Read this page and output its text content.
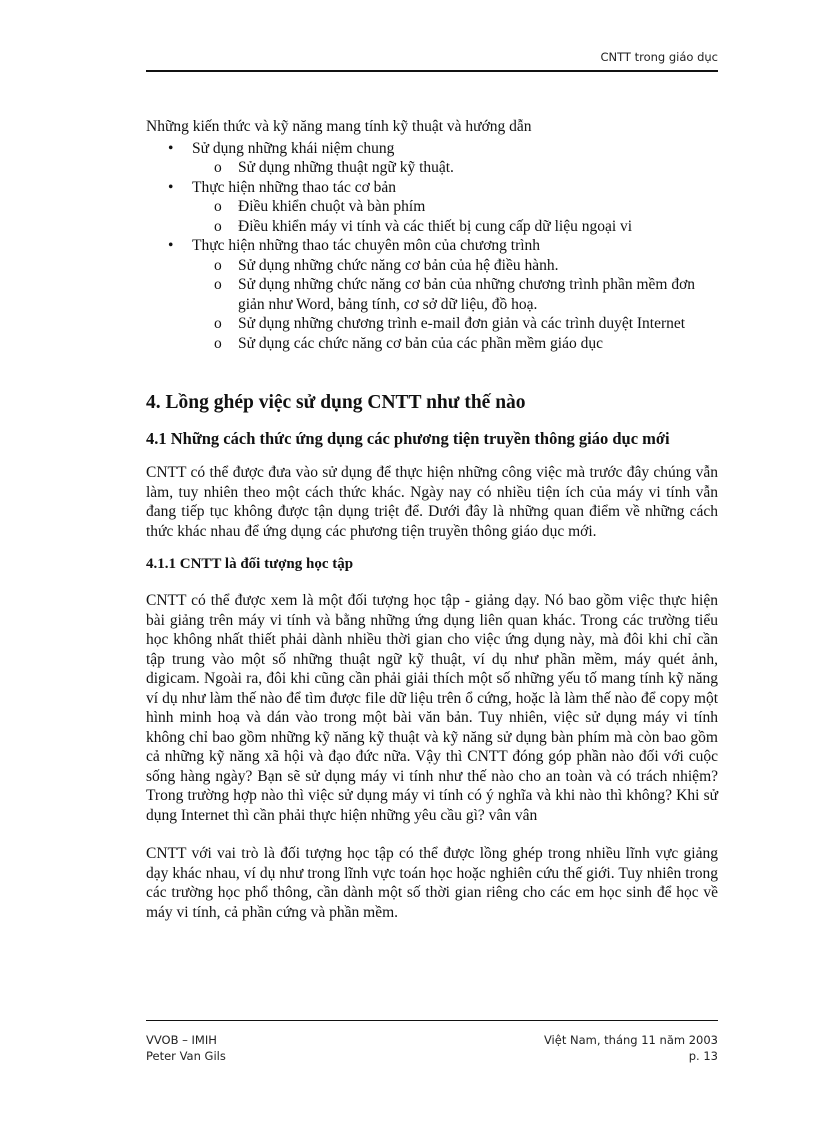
CNTT trong giáo dục
Những kiến thức và kỹ năng mang tính kỹ thuật và hướng dẫn
• Sử dụng những khái niệm chung
o Sử dụng những thuật ngữ kỹ thuật.
• Thực hiện những thao tác cơ bản
o Điều khiển chuột và bàn phím
o Điều khiển máy vi tính và các thiết bị cung cấp dữ liệu ngoại vi
• Thực hiện những thao tác chuyên môn của chương trình
o Sử dụng những chức năng cơ bản của hệ điều hành.
o Sử dụng những chức năng cơ bản của những chương trình phần mềm đơn giản như Word, bảng tính, cơ sở dữ liệu, đồ hoạ.
o Sử dụng những chương trình e-mail đơn giản và các trình duyệt Internet
o Sử dụng các chức năng cơ bản của các phần mềm giáo dục
4. Lồng ghép việc sử dụng CNTT như thế nào
4.1 Những cách thức ứng dụng các phương tiện truyền thông giáo dục mới

CNTT có thể được đưa vào sử dụng để thực hiện những công việc mà trước đây chúng vẫn làm, tuy nhiên theo một cách thức khác. Ngày nay có nhiều tiện ích của máy vi tính vẫn đang tiếp tục không được tận dụng triệt để. Dưới đây là những quan điểm về những cách thức khác nhau để ứng dụng các phương tiện truyền thông giáo dục mới.

4.1.1 CNTT là đối tượng học tập

CNTT có thể được xem là một đối tượng học tập - giảng dạy. Nó bao gồm việc thực hiện bài giảng trên máy vi tính và bằng những ứng dụng liên quan khác. Trong các trường tiểu học không nhất thiết phải dành nhiều thời gian cho việc ứng dụng này, mà đôi khi chỉ cần tập trung vào một số những thuật ngữ kỹ thuật, ví dụ như phần mềm, máy quét ảnh, digicam. Ngoài ra, đôi khi cũng cần phải giải thích một số những yếu tố mang tính kỹ năng ví dụ như làm thế nào để tìm được file dữ liệu trên ổ cứng, hoặc là làm thế nào để copy một hình minh hoạ và dán vào trong một bài văn bản. Tuy nhiên, việc sử dụng máy vi tính không chỉ bao gồm những kỹ năng kỹ thuật và kỹ năng sử dụng bàn phím mà còn bao gồm cả những kỹ năng xã hội và đạo đức nữa. Vậy thì CNTT đóng góp phần nào đối với cuộc sống hàng ngày? Bạn sẽ sử dụng máy vi tính như thế nào cho an toàn và có trách nhiệm? Trong trường hợp nào thì việc sử dụng máy vi tính có ý nghĩa và khi nào thì không? Khi sử dụng Internet thì cần phải thực hiện những yêu cầu gì? vân vân

CNTT với vai trò là đối tượng học tập có thể được lồng ghép trong nhiều lĩnh vực giảng dạy khác nhau, ví dụ như trong lĩnh vực toán học hoặc nghiên cứu thế giới. Tuy nhiên trong các trường học phổ thông, cần dành một số thời gian riêng cho các em học sinh để học về máy vi tính, cả phần cứng và phần mềm.

VVOB – IMIH
Peter Van Gils
Việt Nam, tháng 11 năm 2003
p. 13
